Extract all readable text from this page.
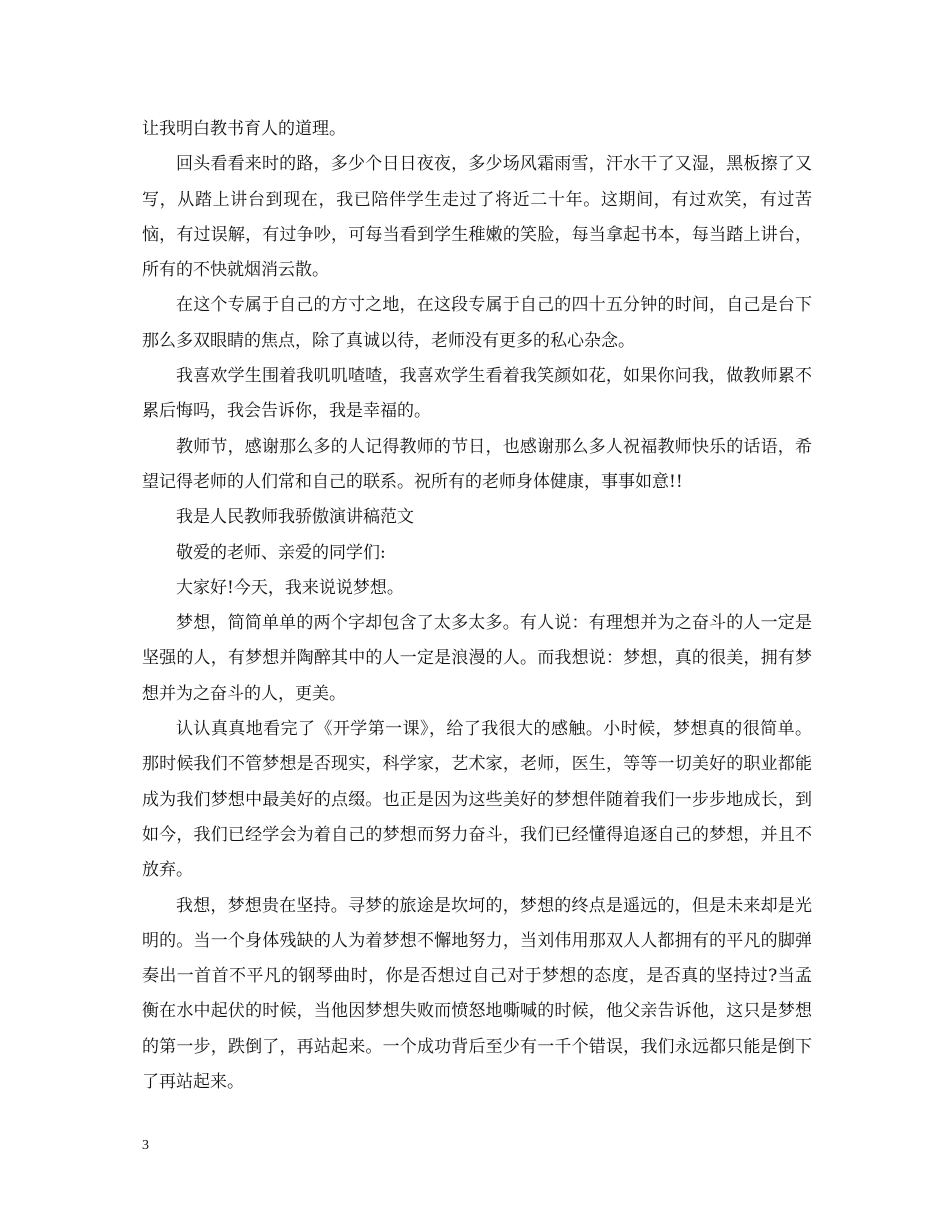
让我明白教书育人的道理。

回头看看来时的路，多少个日日夜夜，多少场风霜雨雪，汗水干了又湿，黑板擦了又写，从踏上讲台到现在，我已陪伴学生走过了将近二十年。这期间，有过欢笑，有过苦恼，有过误解，有过争吵，可每当看到学生稚嫩的笑脸，每当拿起书本，每当踏上讲台，所有的不快就烟消云散。

在这个专属于自己的方寸之地，在这段专属于自己的四十五分钟的时间，自己是台下那么多双眼睛的焦点，除了真诚以待，老师没有更多的私心杂念。

我喜欢学生围着我叽叽喳喳，我喜欢学生看着我笑颜如花，如果你问我，做教师累不累后悔吗，我会告诉你，我是幸福的。

教师节，感谢那么多的人记得教师的节日，也感谢那么多人祝福教师快乐的话语，希望记得老师的人们常和自己的联系。祝所有的老师身体健康，事事如意!!

我是人民教师我骄傲演讲稿范文

敬爱的老师、亲爱的同学们:

大家好!今天，我来说说梦想。

梦想，简简单单的两个字却包含了太多太多。有人说：有理想并为之奋斗的人一定是坚强的人，有梦想并陶醉其中的人一定是浪漫的人。而我想说：梦想，真的很美，拥有梦想并为之奋斗的人，更美。

认认真真地看完了《开学第一课》，给了我很大的感触。小时候，梦想真的很简单。那时候我们不管梦想是否现实，科学家，艺术家，老师，医生，等等一切美好的职业都能成为我们梦想中最美好的点缀。也正是因为这些美好的梦想伴随着我们一步步地成长，到如今，我们已经学会为着自己的梦想而努力奋斗，我们已经懂得追逐自己的梦想，并且不放弃。

我想，梦想贵在坚持。寻梦的旅途是坎坷的，梦想的终点是遥远的，但是未来却是光明的。当一个身体残缺的人为着梦想不懈地努力，当刘伟用那双人人都拥有的平凡的脚弹奏出一首首不平凡的钢琴曲时，你是否想过自己对于梦想的态度，是否真的坚持过?当孟衡在水中起伏的时候，当他因梦想失败而愤怒地嘶喊的时候，他父亲告诉他，这只是梦想的第一步，跌倒了，再站起来。一个成功背后至少有一千个错误，我们永远都只能是倒下了再站起来。

3
